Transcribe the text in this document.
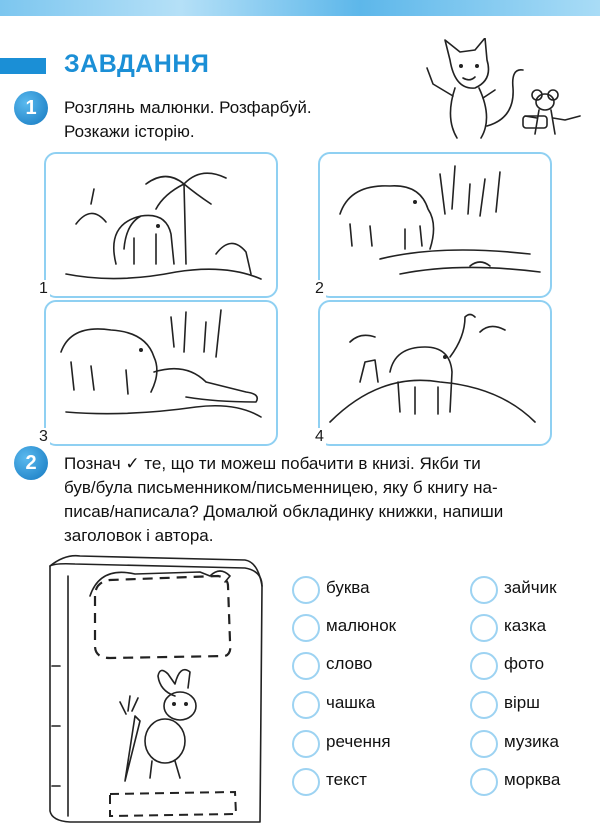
ЗАВДАННЯ
1	Розглянь малюнки. Розфарбуй.
Розкажи історію.
1	2
3	4
2	Познач ✓ те, що ти можеш побачити в книзі. Якби ти
був/була письменником/письменницею, яку б книгу на-
писав/написала? Домалюй обкладинку книжки, напиши
заголовок і автора.
буква
малюнок
слово
чашка
речення
текст
зайчик
казка
фото
вірш
музика
морква
